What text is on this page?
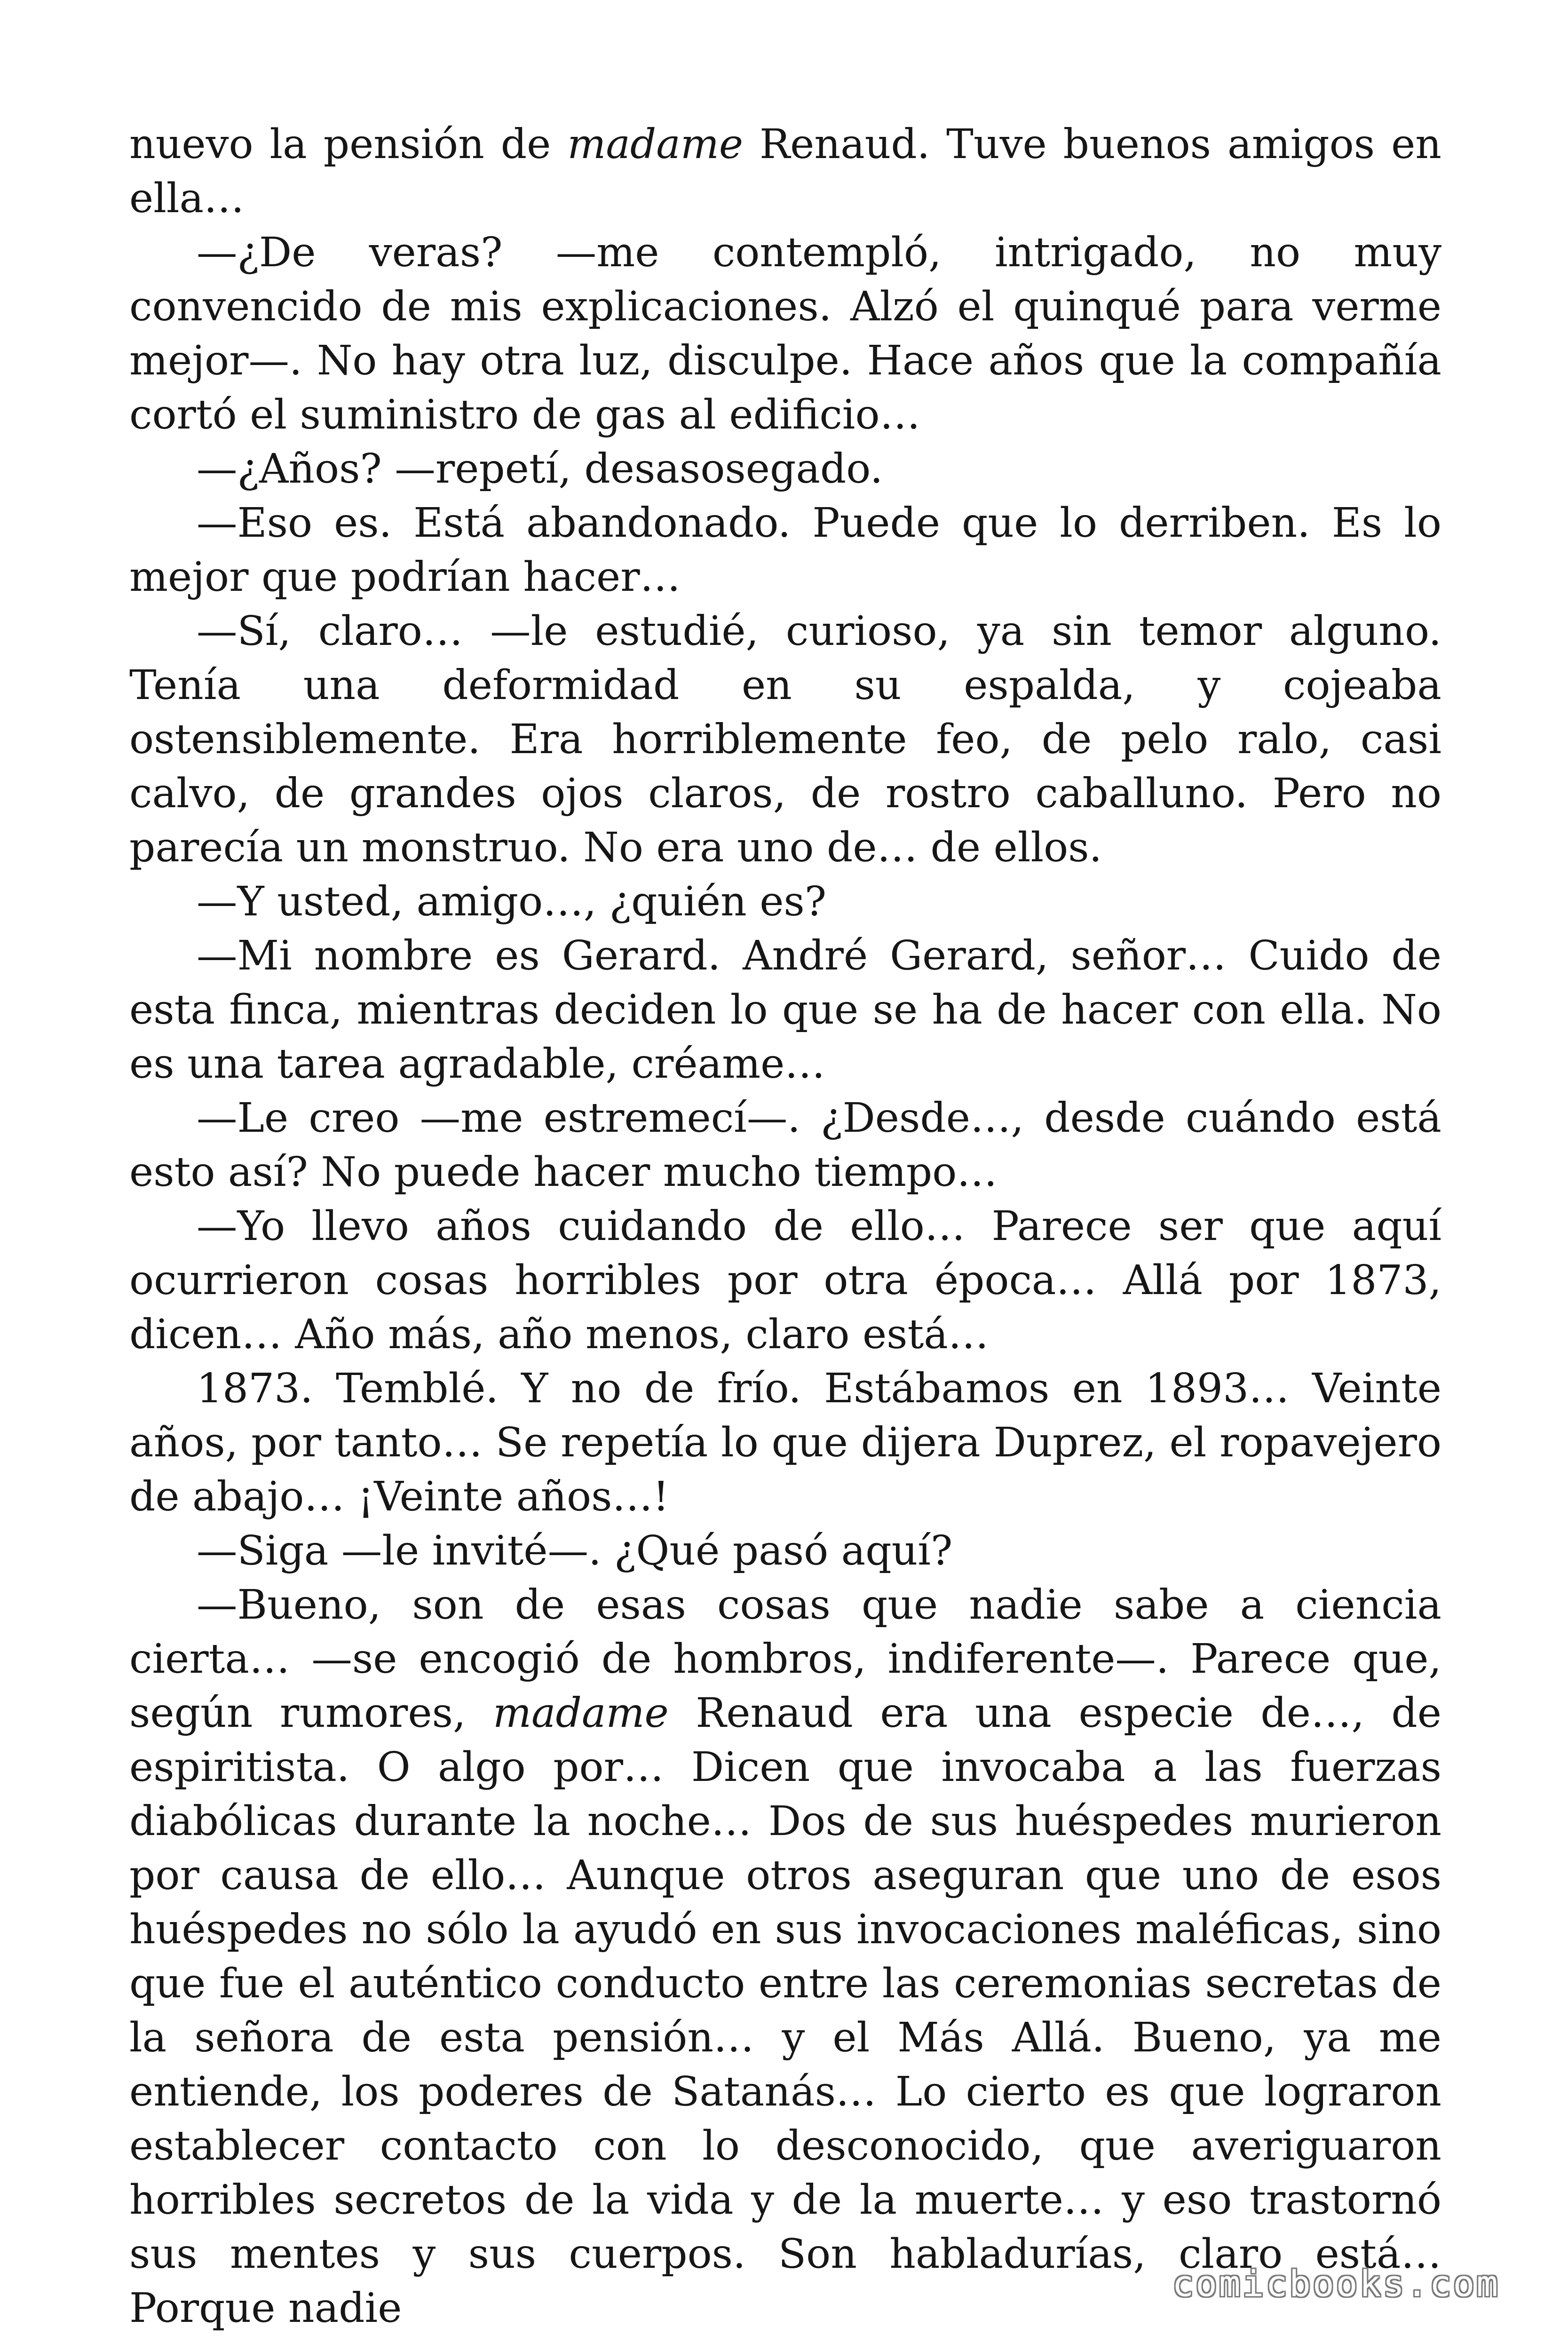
nuevo la pensión de madame Renaud. Tuve buenos amigos en ella…

—¿De veras? —me contempló, intrigado, no muy convencido de mis explicaciones. Alzó el quinqué para verme mejor—. No hay otra luz, disculpe. Hace años que la compañía cortó el suministro de gas al edificio…

—¿Años? —repetí, desasosegado.

—Eso es. Está abandonado. Puede que lo derriben. Es lo mejor que podrían hacer…

—Sí, claro… —le estudié, curioso, ya sin temor alguno. Tenía una deformidad en su espalda, y cojeaba ostensiblemente. Era horriblemente feo, de pelo ralo, casi calvo, de grandes ojos claros, de rostro caballuno. Pero no parecía un monstruo. No era uno de… de ellos.

—Y usted, amigo…, ¿quién es?

—Mi nombre es Gerard. André Gerard, señor… Cuido de esta finca, mientras deciden lo que se ha de hacer con ella. No es una tarea agradable, créame…

—Le creo —me estremecí—. ¿Desde…, desde cuándo está esto así? No puede hacer mucho tiempo…

—Yo llevo años cuidando de ello… Parece ser que aquí ocurrieron cosas horribles por otra época… Allá por 1873, dicen… Año más, año menos, claro está…

1873. Temblé. Y no de frío. Estábamos en 1893… Veinte años, por tanto… Se repetía lo que dijera Duprez, el ropavejero de abajo… ¡Veinte años…!

—Siga —le invité—. ¿Qué pasó aquí?

—Bueno, son de esas cosas que nadie sabe a ciencia cierta… —se encogió de hombros, indiferente—. Parece que, según rumores, madame Renaud era una especie de…, de espiritista. O algo por… Dicen que invocaba a las fuerzas diabólicas durante la noche… Dos de sus huéspedes murieron por causa de ello… Aunque otros aseguran que uno de esos huéspedes no sólo la ayudó en sus invocaciones maléficas, sino que fue el auténtico conducto entre las ceremonias secretas de la señora de esta pensión… y el Más Allá. Bueno, ya me entiende, los poderes de Satanás… Lo cierto es que lograron establecer contacto con lo desconocido, que averiguaron horribles secretos de la vida y de la muerte… y eso trastornó sus mentes y sus cuerpos. Son habladurías, claro está… Porque nadie

comicbooks.com
